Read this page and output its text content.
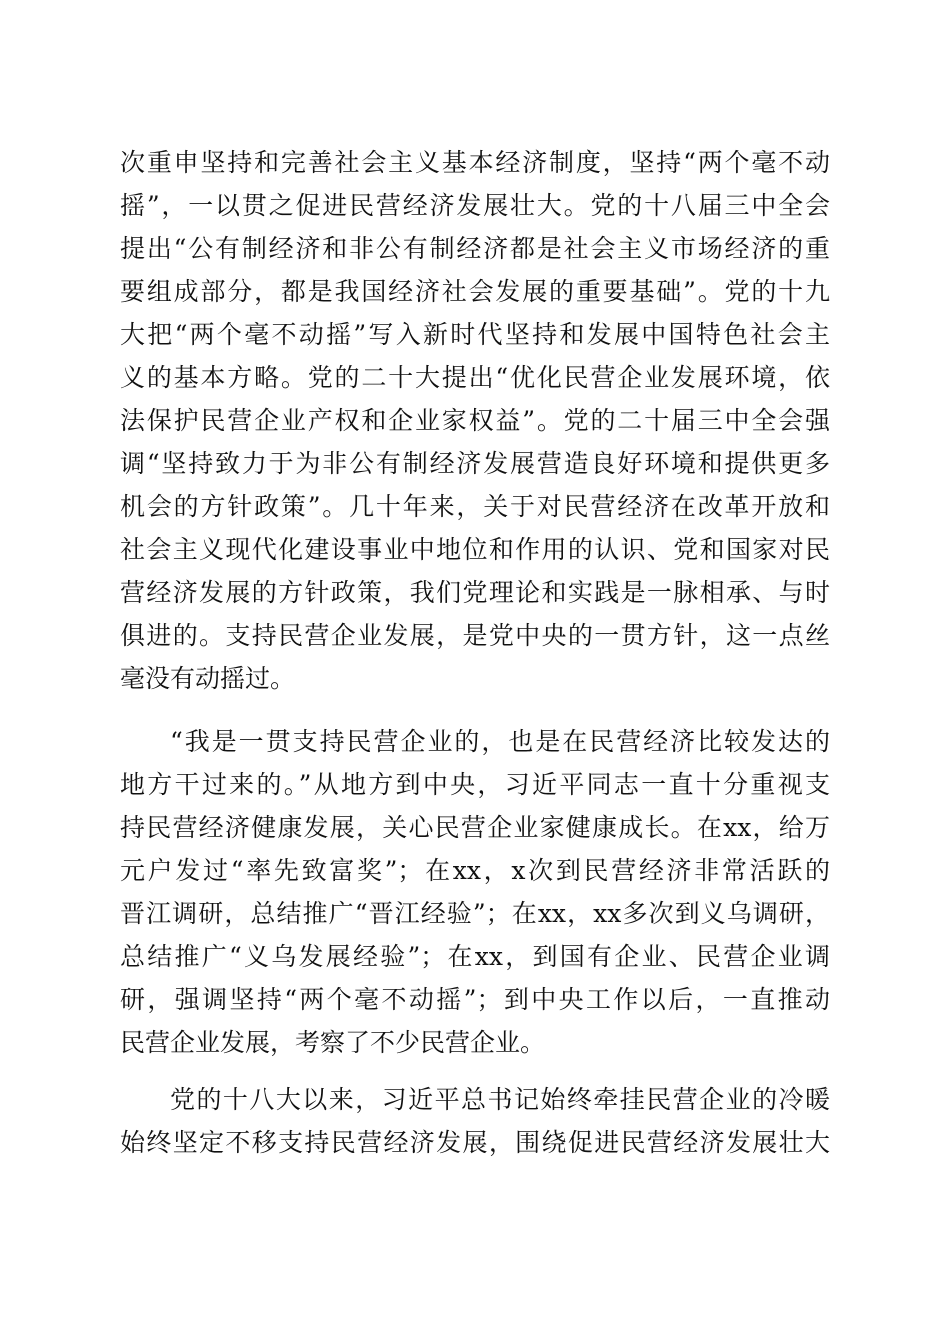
次重申坚持和完善社会主义基本经济制度，坚持“两个毫不动
摇”，一以贯之促进民营经济发展壮大。党的十八届三中全会
提出“公有制经济和非公有制经济都是社会主义市场经济的重
要组成部分，都是我国经济社会发展的重要基础”。党的十九
大把“两个毫不动摇”写入新时代坚持和发展中国特色社会主
义的基本方略。党的二十大提出“优化民营企业发展环境，依
法保护民营企业产权和企业家权益”。党的二十届三中全会强
调“坚持致力于为非公有制经济发展营造良好环境和提供更多
机会的方针政策”。几十年来，关于对民营经济在改革开放和
社会主义现代化建设事业中地位和作用的认识、党和国家对民
营经济发展的方针政策，我们党理论和实践是一脉相承、与时
俱进的。支持民营企业发展，是党中央的一贯方针，这一点丝
毫没有动摇过。
“我是一贯支持民营企业的，也是在民营经济比较发达的
地方干过来的。”从地方到中央，习近平同志一直十分重视支
持民营经济健康发展，关心民营企业家健康成长。在xx，给万
元户发过“率先致富奖”；在xx，x次到民营经济非常活跃的
晋江调研，总结推广“晋江经验”；在xx，xx多次到义乌调研，
总结推广“义乌发展经验”；在xx，到国有企业、民营企业调
研，强调坚持“两个毫不动摇”；到中央工作以后，一直推动
民营企业发展，考察了不少民营企业。
党的十八大以来，习近平总书记始终牵挂民营企业的冷暖
始终坚定不移支持民营经济发展，围绕促进民营经济发展壮大
